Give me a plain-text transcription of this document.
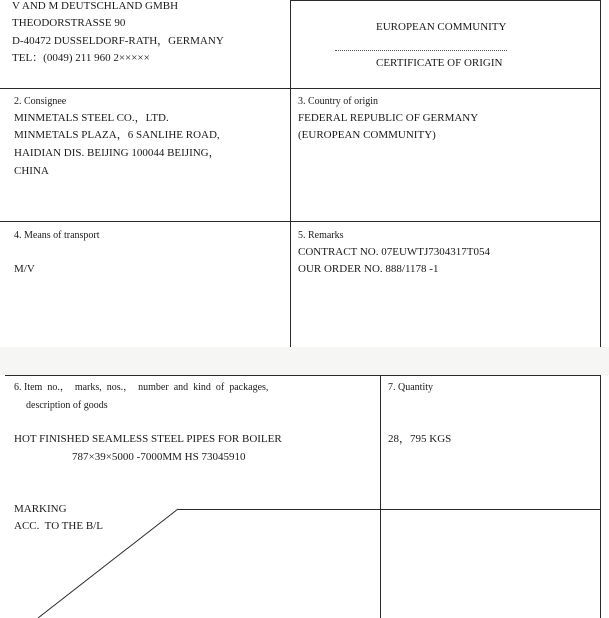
V AND M DEUTSCHLAND GMBH
THEODORSTRASSE 90
D-40472 DUSSELDORF-RATH，GERMANY
TEL：(0049) 211 960 2×××××
EUROPEAN COMMUNITY
CERTIFICATE OF ORIGIN
2. Consignee
MINMETALS STEEL CO.，LTD.
MINMETALS PLAZA，6 SANLIHE ROAD,
HAIDIAN DIS. BEIJING 100044 BEIJING，
CHINA
3. Country of origin
FEDERAL REPUBLIC OF GERMANY
(EUROPEAN COMMUNITY)
4. Means of transport
M/V
5. Remarks
CONTRACT NO. 07EUWTJ7304317T054
OUR ORDER NO. 888/1178 -1
6. Item  no.，  marks,  nos.，  number  and  kind  of  packages,
description of goods
HOT FINISHED SEAMLESS STEEL PIPES FOR BOILER
787×39×5000 -7000MM HS 73045910
MARKING
ACC.  TO THE B/L
7. Quantity
28，795 KGS
